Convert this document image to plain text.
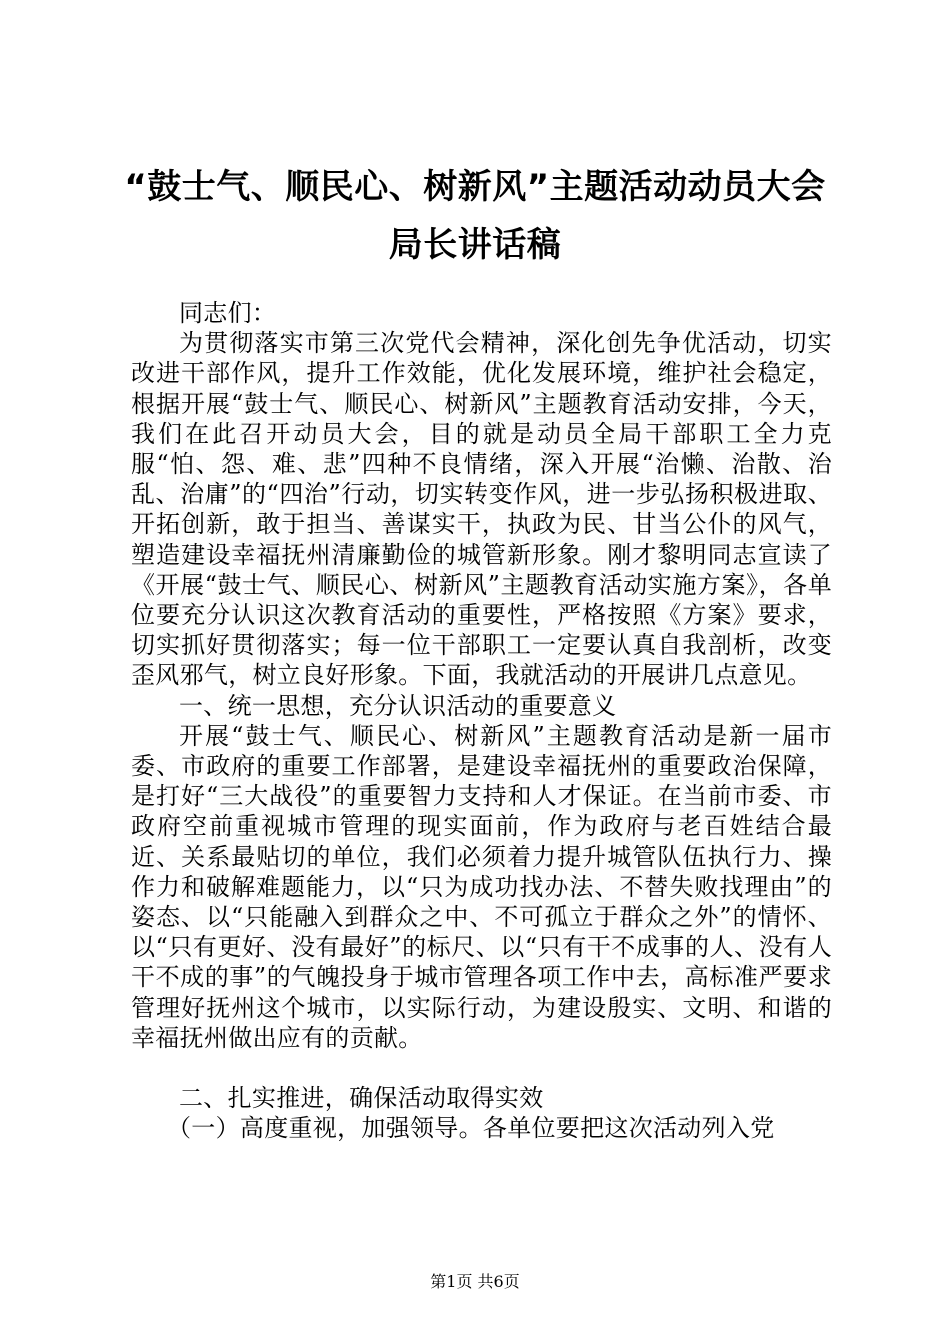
“鼓士气、顺民心、树新风”主题活动动员大会局长讲话稿

同志们：

为贯彻落实市第三次党代会精神，深化创先争优活动，切实改进干部作风，提升工作效能，优化发展环境，维护社会稳定，根据开展“鼓士气、顺民心、树新风”主题教育活动安排，今天，我们在此召开动员大会，目的就是动员全局干部职工全力克服“怕、怨、难、悲”四种不良情绪，深入开展“治懒、治散、治乱、治庸”的“四治”行动，切实转变作风，进一步弘扬积极进取、开拓创新，敢于担当、善谋实干，执政为民、甘当公仆的风气，塑造建设幸福抚州清廉勤俭的城管新形象。刚才黎明同志宣读了《开展“鼓士气、顺民心、树新风”主题教育活动实施方案》，各单位要充分认识这次教育活动的重要性，严格按照《方案》要求，切实抓好贯彻落实；每一位干部职工一定要认真自我剖析，改变歪风邪气，树立良好形象。下面，我就活动的开展讲几点意见。

一、统一思想，充分认识活动的重要意义

开展“鼓士气、顺民心、树新风”主题教育活动是新一届市委、市政府的重要工作部署，是建设幸福抚州的重要政治保障，是打好“三大战役”的重要智力支持和人才保证。在当前市委、市政府空前重视城市管理的现实面前，作为政府与老百姓结合最近、关系最贴切的单位，我们必须着力提升城管队伍执行力、操作力和破解难题能力，以“只为成功找办法、不替失败找理由”的姿态、以“只能融入到群众之中、不可孤立于群众之外”的情怀、以“只有更好、没有最好”的标尺、以“只有干不成事的人、没有人干不成的事”的气魄投身于城市管理各项工作中去，高标准严要求管理好抚州这个城市，以实际行动，为建设殷实、文明、和谐的幸福抚州做出应有的贡献。

二、扎实推进，确保活动取得实效

（一）高度重视，加强领导。各单位要把这次活动列入党

第1页 共6页
